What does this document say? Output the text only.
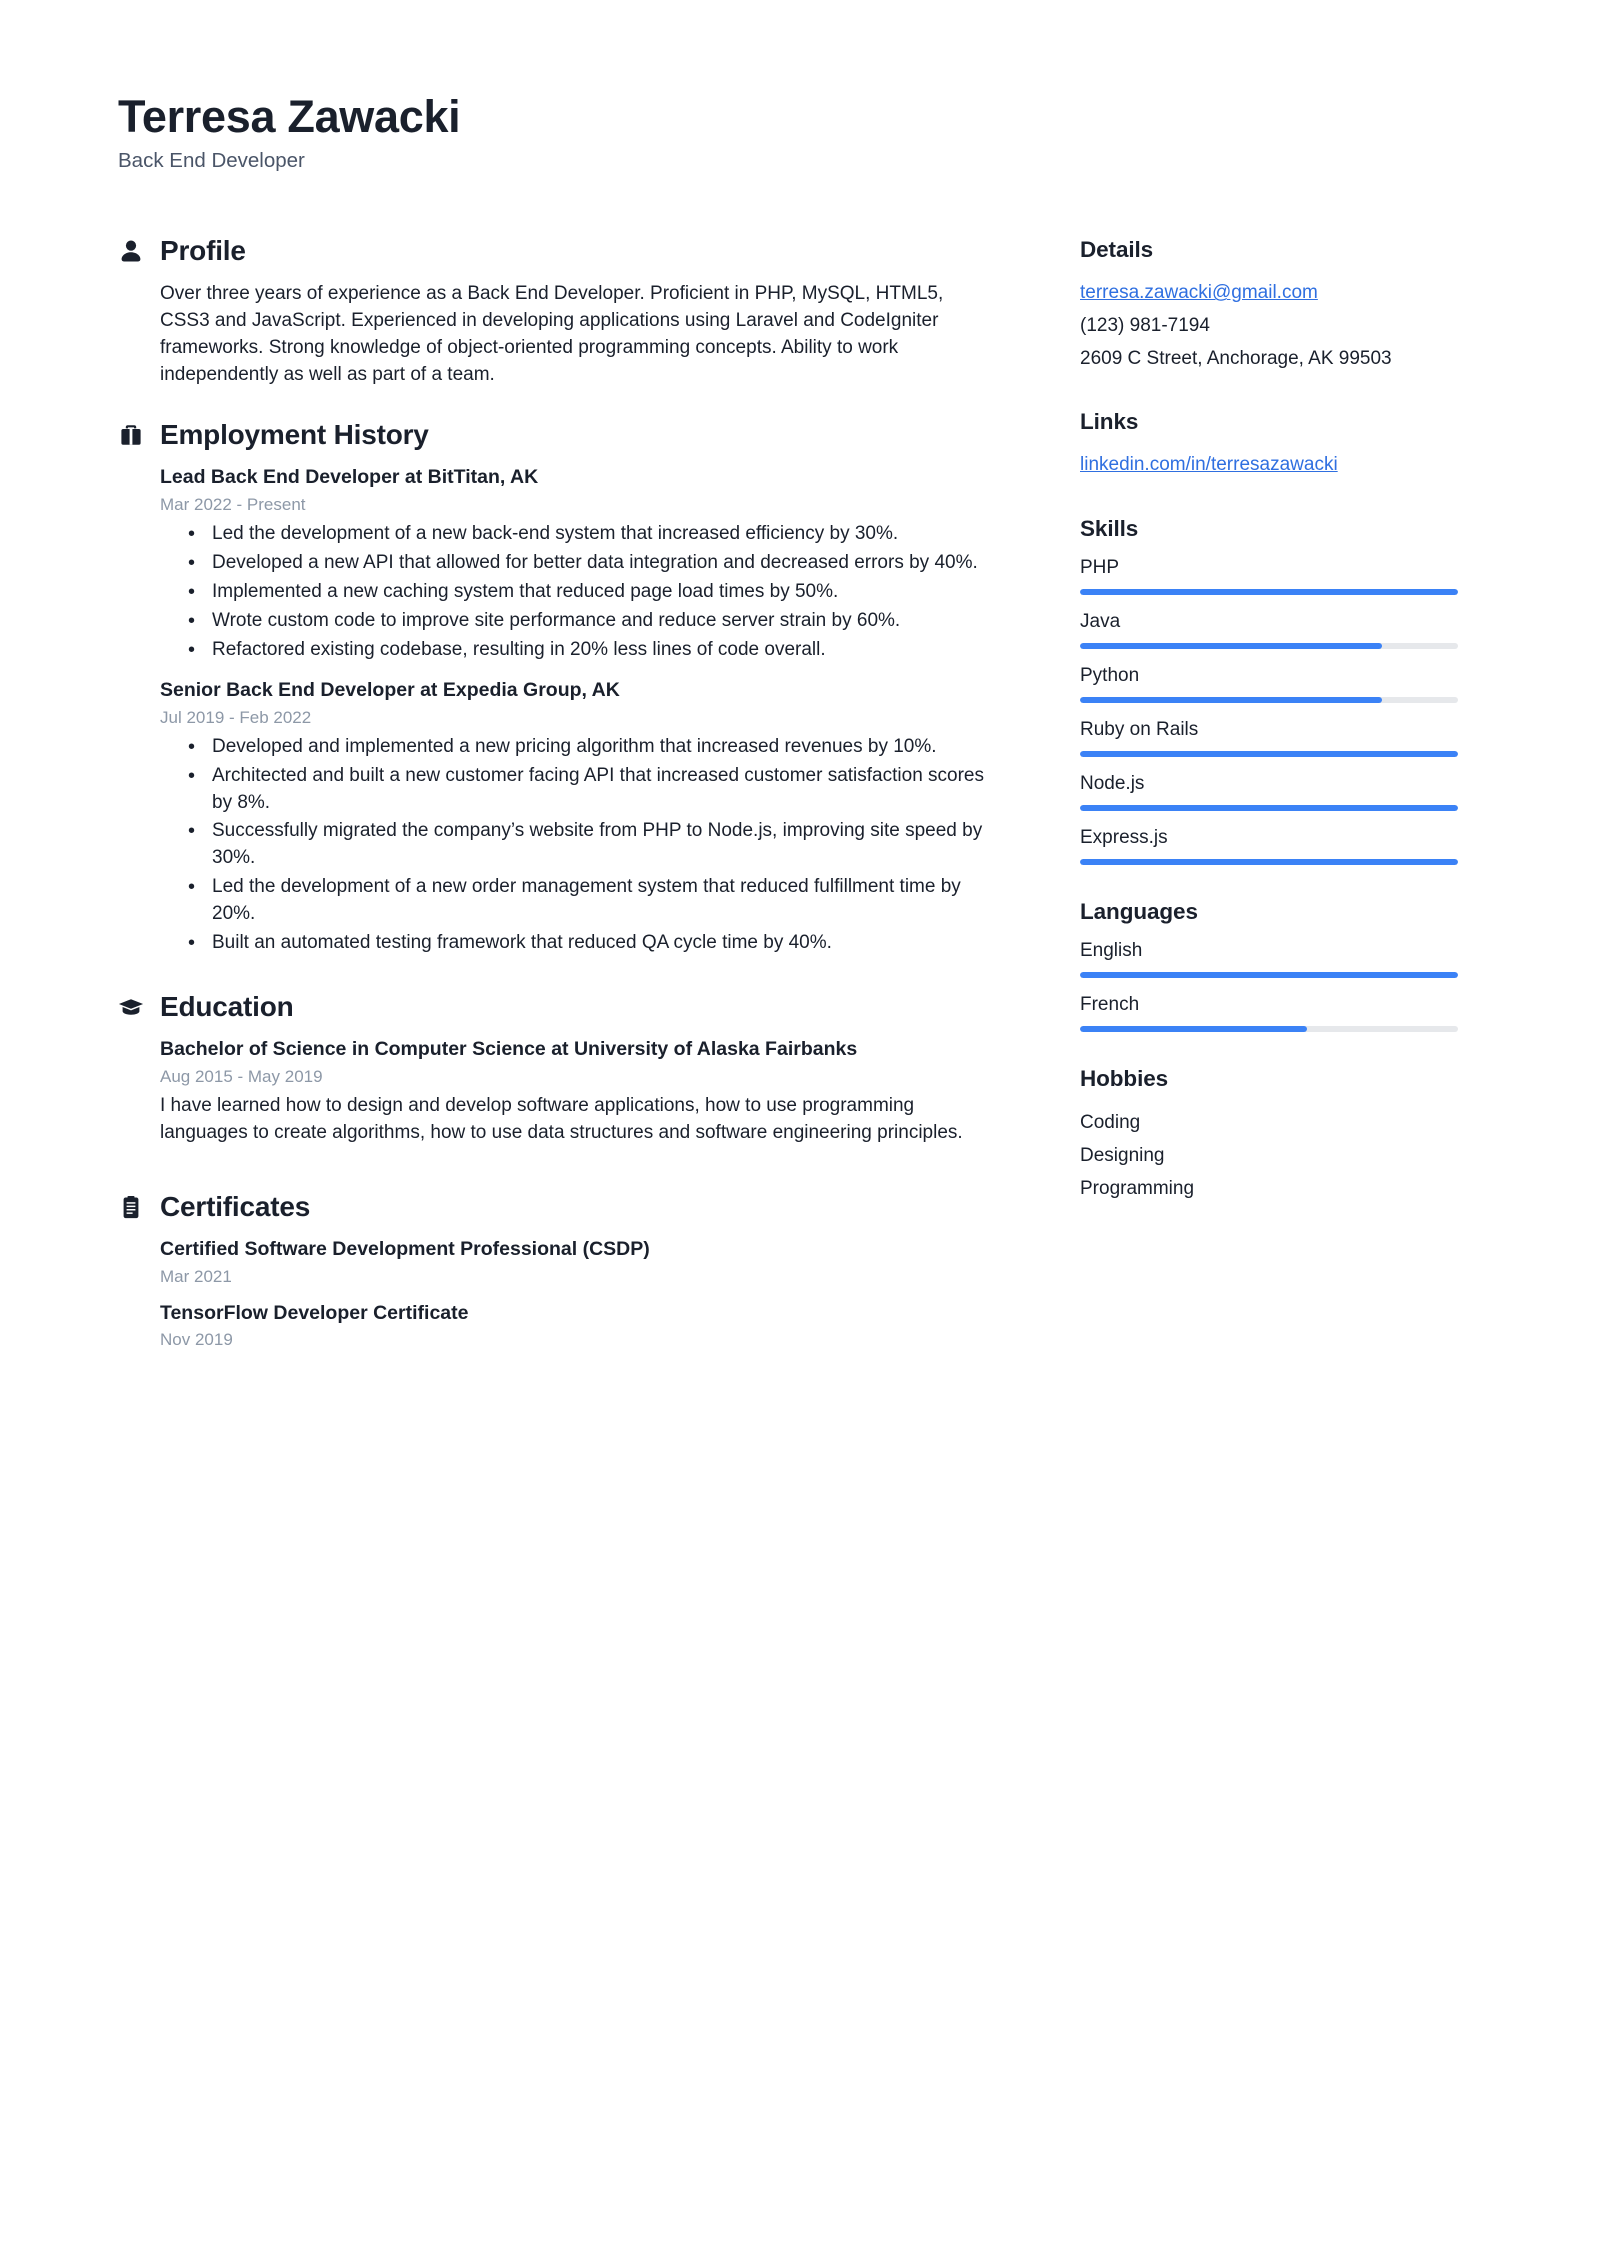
Terresa Zawacki
Back End Developer
Profile
Over three years of experience as a Back End Developer. Proficient in PHP, MySQL, HTML5, CSS3 and JavaScript. Experienced in developing applications using Laravel and CodeIgniter frameworks. Strong knowledge of object-oriented programming concepts. Ability to work independently as well as part of a team.
Employment History
Lead Back End Developer at BitTitan, AK
Mar 2022 - Present
• Led the development of a new back-end system that increased efficiency by 30%.
• Developed a new API that allowed for better data integration and decreased errors by 40%.
• Implemented a new caching system that reduced page load times by 50%.
• Wrote custom code to improve site performance and reduce server strain by 60%.
• Refactored existing codebase, resulting in 20% less lines of code overall.
Senior Back End Developer at Expedia Group, AK
Jul 2019 - Feb 2022
• Developed and implemented a new pricing algorithm that increased revenues by 10%.
• Architected and built a new customer facing API that increased customer satisfaction scores by 8%.
• Successfully migrated the company’s website from PHP to Node.js, improving site speed by 30%.
• Led the development of a new order management system that reduced fulfillment time by 20%.
• Built an automated testing framework that reduced QA cycle time by 40%.
Education
Bachelor of Science in Computer Science at University of Alaska Fairbanks
Aug 2015 - May 2019
I have learned how to design and develop software applications, how to use programming languages to create algorithms, how to use data structures and software engineering principles.
Certificates
Certified Software Development Professional (CSDP)
Mar 2021
TensorFlow Developer Certificate
Nov 2019
Details
terresa.zawacki@gmail.com
(123) 981-7194
2609 C Street, Anchorage, AK 99503
Links
linkedin.com/in/terresazawacki
Skills
PHP
Java
Python
Ruby on Rails
Node.js
Express.js
Languages
English
French
Hobbies
Coding
Designing
Programming
